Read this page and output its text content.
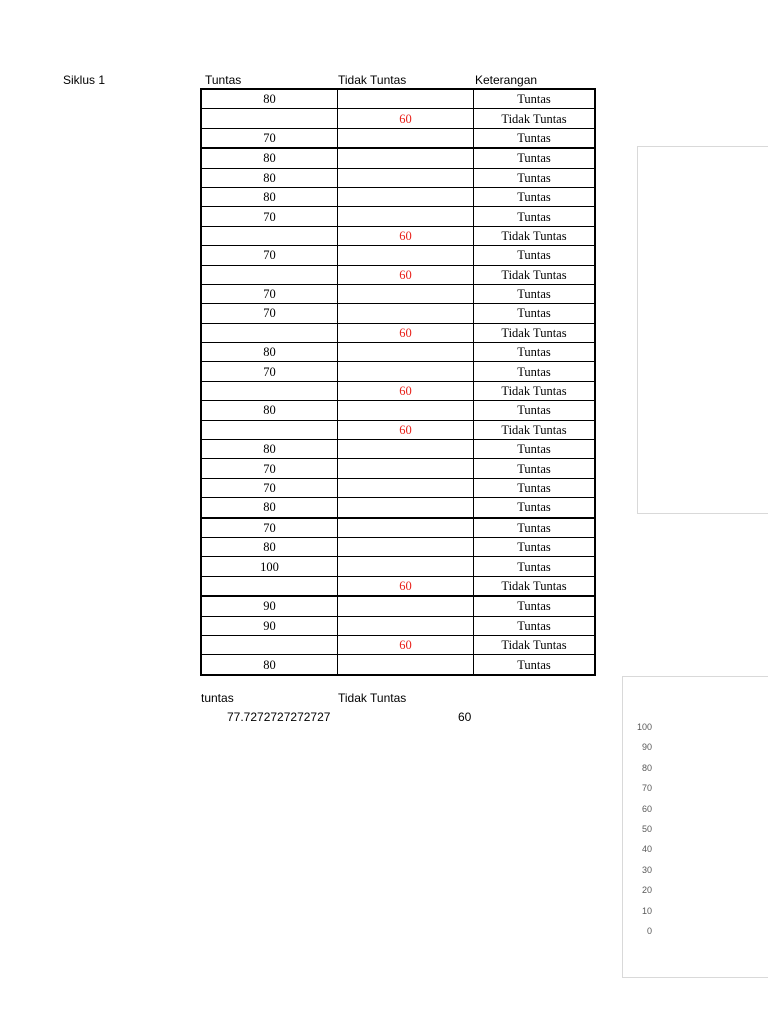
Siklus 1	Tuntas	Tidak Tuntas	Keterangan
80		Tuntas
	60	Tidak Tuntas
70		Tuntas
80		Tuntas
80		Tuntas
80		Tuntas
70		Tuntas
	60	Tidak Tuntas
70		Tuntas
	60	Tidak Tuntas
70		Tuntas
70		Tuntas
	60	Tidak Tuntas
80		Tuntas
70		Tuntas
	60	Tidak Tuntas
80		Tuntas
	60	Tidak Tuntas
80		Tuntas
70		Tuntas
70		Tuntas
80		Tuntas
70		Tuntas
80		Tuntas
100		Tuntas
	60	Tidak Tuntas
90		Tuntas
90		Tuntas
	60	Tidak Tuntas
80		Tuntas
tuntas	Tidak Tuntas
77.7272727272727	60
100
90
80
70
60
50
40
30
20
10
0
